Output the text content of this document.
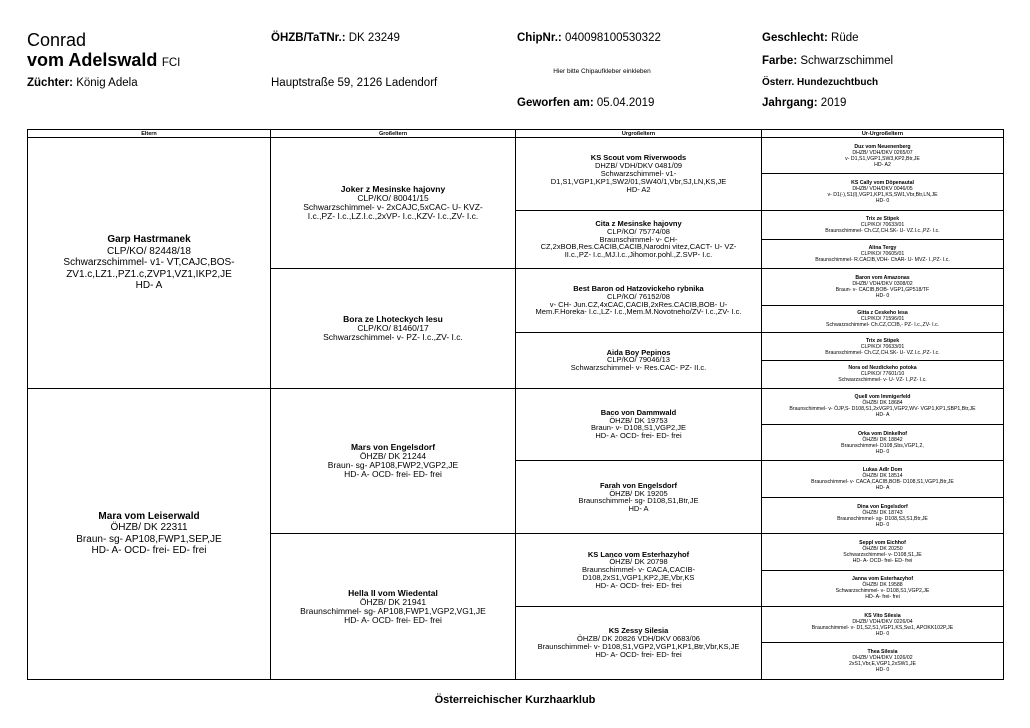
Conrad
vom Adelswald FCI
Züchter: König Adela
ÖHZB/TaTNr.: DK 23249
Hauptstraße 59, 2126 Ladendorf
ChipNr.: 040098100530322
Hier bitte Chipaufkleber einkleben
Geworfen am: 05.04.2019
Geschlecht: Rüde
Farbe: Schwarzschimmel
Österr. Hundezuchtbuch
Jahrgang: 2019
Eltern	Großeltern	Urgroßeltern	Ur-Urgroßeltern

Garp Hastrmanek
CLP/KO/ 82448/18
Schwarzschimmel- v1- VT,CAJC,BOS-
ZV1.c,LZ1.,PZ1.c,ZVP1,VZ1,IKP2,JE
HD- A	Joker z Mesinske hajovny
CLP/KO/ 80041/15
Schwarzschimmel- v- 2xCAJC,5xCAC- U- KVZ-
I.c.,PZ- I.c.,LZ.I.c.,2xVP- I.c.,KZV- I.c.,ZV- I.c.	KS Scout vom Riverwoods
DHZB/ VDH/DKV 0481/09
Schwarzschimmel- v1-
D1,S1,VGP1,KP1,SW2/01,SW40/1,Vbr,SJ,LN,KS,JE
HD- A2	Duz vom Neuenenberg
DHZB/ VDH/DKV 0265/07
v- D1,S1,VGP1,SW3,KP2,Btr,JE
HD- A2

			KS Cally vom Döpenautal
DHZB/ VDH/DKV 0046/05
v- D1(-),S1(l),VGP1,KP1,KS,SW1,Vbr,Btr,LN,JE
HD- 0

		Cita z Mesinske hajovny
CLP/KO/ 75774/08
Braunschimmel- v- CH-
CZ,2xBOB,Res.CACIB,CACIB,Narodni vitez,CACT- U- VZ-
II.c.,PZ- I.c.,MJ.I.c.,Jihomor.pohl.,Z.SVP- I.c.	Trix ze Stipek
CLP/KO/ 70633/01
Braunschimmel- Ch.CZ,CH.SK- U- VZ.I.c.,PZ- I.c.

			Alina Tergy
CLP/KO/ 70605/01
Braunschimmel- R.CACIB,VDH- ChAR- U- MVZ- I.,PZ- I.c.

	Bora ze Lhoteckych lesu
CLP/KO/ 81460/17
Schwarzschimmel- v- PZ- I.c.,ZV- I.c.	Best Baron od Hatzovickeho rybnika
CLP/KO/ 76152/08
v- CH- Jun.CZ,4xCAC,CACIB,2xRes.CACIB,BOB- U-
Mem.F.Horeka- I.c.,LZ- I.c.,Mem.M.Novotneho/ZV- I.c.,ZV- I.c.	Baron vom Amazonas
DHZB/ VDH/DKV 0308/02
Braun- v- CACIB,BOB- VGP1,GP518/TF
HD- 0

			Gitta z Ceskeho lesa
CLP/KO/ 71596/01
Schwarzschimmel- Ch.CZ,CCIB,- PZ- I.c.,ZV- I.c.

		Aida Boy Pepinos
CLP/KO/ 79046/13
Schwarzschimmel- v- Res.CAC- PZ- II.c.	Trix ze Stipek
CLP/KO/ 70633/01
Braunschimmel- Ch.CZ,CH.SK- U- VZ.I.c.,PZ- I.c.

			Nora od Nezdickeho potoka
CLP/KO/ 77601/10
Schwarzschimmel- v- U- VZ- I.,PZ- I.c.

Mara vom Leiserwald
ÖHZB/ DK 22311
Braun- sg- AP108,FWP1,SEP,JE
HD- A- OCD- frei- ED- frei	Mars von Engelsdorf
ÖHZB/ DK 21244
Braun- sg- AP108,FWP2,VGP2,JE
HD- A- OCD- frei- ED- frei	Baco von Dammwald
ÖHZB/ DK 19753
Braun- v- D108,S1,VGP2,JE
HD- A- OCD- frei- ED- frei	Quell vom Immigerfeld
ÖHZB/ DK 18684
Braunschimmel- v- ÖJP,S- D108,S1,2xVGP1,VGP2,WV- VGP1,KP1,SBP1,Btr,JE
HD- A

			Orka vom Dinkelhof
ÖHZB/ DK 18842
Braunschimmel- D108,Sbs,VGP1,2,
HD- 0

		Farah von Engelsdorf
ÖHZB/ DK 19205
Braunschimmel- sg- D108,S1,Btr,JE
HD- A	Lukas Adlr Dom
ÖHZB/ DK 18514
Braunschimmel- v- CACA,CACIB,BOB- D108,S1,VGP1,Btr,JE
HD- A

			Dina von Engelsdorf
ÖHZB/ DK 18743
Braunschimmel- sg- D108,S3,S1,Btr,JE
HD- 0

	Hella II vom Wiedental
ÖHZB/ DK 21941
Braunschimmel- sg- AP108,FWP1,VGP2,VG1,JE
HD- A- OCD- frei- ED- frei	KS Lanco vom Esterhazyhof
ÖHZB/ DK 20798
Braunschimmel- v- CACA,CACIB-
D108,2xS1,VGP1,KP2,JE,Vbr,KS
HD- A- OCD- frei- ED- frei	Seppl vom Eichhof
ÖHZB/ DK 20250
Schwarzschimmel- v- D108,S1,JE
HD- A- OCD- frei- ED- frei

			Janna vom Esterhazyhof
ÖHZB/ DK 19588
Schwarzschimmel- v- D108,S1,VGP2,JE
HD- A- frei- frei

		KS Zessy Silesia
ÖHZB/ DK 20826 VDH/DKV 0683/06
Braunschimmel- v- D108,S1,VGP2,VGP1,KP1,Btr,Vbr,KS,JE
HD- A- OCD- frei- ED- frei	KS Vito Silesia
DHZB/ VDH/DKV 0226/04
Braunschimmel- v- D1,S2,S1,VGP1,KS,Sw1, APOKK102P,JE
HD- 0

			Thea Silesia
DHZB/ VDH/DKV 1026/02
2xS1,Vbr,E,VGP1,2xSW1,JE
HD- 0
Österreichischer Kurzhaarklub
